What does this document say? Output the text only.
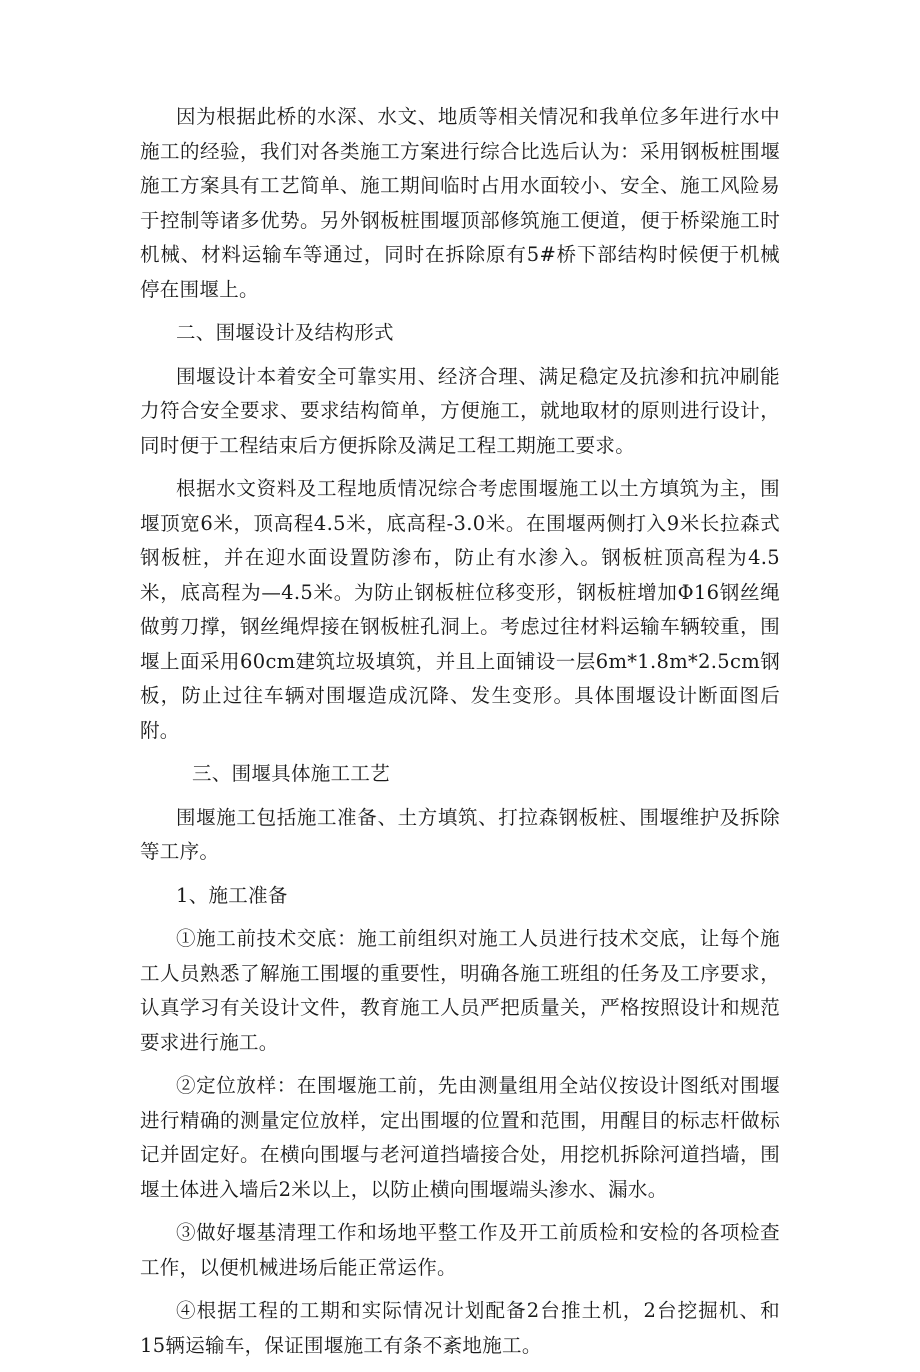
因为根据此桥的水深、水文、地质等相关情况和我单位多年进行水中施工的经验，我们对各类施工方案进行综合比选后认为：采用钢板桩围堰施工方案具有工艺简单、施工期间临时占用水面较小、安全、施工风险易于控制等诸多优势。另外钢板桩围堰顶部修筑施工便道，便于桥梁施工时机械、材料运输车等通过，同时在拆除原有5#桥下部结构时候便于机械停在围堰上。

二、围堰设计及结构形式

围堰设计本着安全可靠实用、经济合理、满足稳定及抗渗和抗冲刷能力符合安全要求、要求结构简单，方便施工，就地取材的原则进行设计，同时便于工程结束后方便拆除及满足工程工期施工要求。

根据水文资料及工程地质情况综合考虑围堰施工以土方填筑为主，围堰顶宽6米，顶高程4.5米，底高程-3.0米。在围堰两侧打入9米长拉森式钢板桩，并在迎水面设置防渗布，防止有水渗入。钢板桩顶高程为4.5米，底高程为—4.5米。为防止钢板桩位移变形，钢板桩增加Φ16钢丝绳做剪刀撑，钢丝绳焊接在钢板桩孔洞上。考虑过往材料运输车辆较重，围堰上面采用60cm建筑垃圾填筑，并且上面铺设一层6m*1.8m*2.5cm钢板，防止过往车辆对围堰造成沉降、发生变形。具体围堰设计断面图后附。

三、围堰具体施工工艺

围堰施工包括施工准备、土方填筑、打拉森钢板桩、围堰维护及拆除等工序。

1、施工准备

①施工前技术交底：施工前组织对施工人员进行技术交底，让每个施工人员熟悉了解施工围堰的重要性，明确各施工班组的任务及工序要求，认真学习有关设计文件，教育施工人员严把质量关，严格按照设计和规范要求进行施工。

②定位放样：在围堰施工前，先由测量组用全站仪按设计图纸对围堰进行精确的测量定位放样，定出围堰的位置和范围，用醒目的标志杆做标记并固定好。在横向围堰与老河道挡墙接合处，用挖机拆除河道挡墙，围堰土体进入墙后2米以上，以防止横向围堰端头渗水、漏水。

③做好堰基清理工作和场地平整工作及开工前质检和安检的各项检查工作，以便机械进场后能正常运作。

④根据工程的工期和实际情况计划配备2台推土机，2台挖掘机、和15辆运输车，保证围堰施工有条不紊地施工。
